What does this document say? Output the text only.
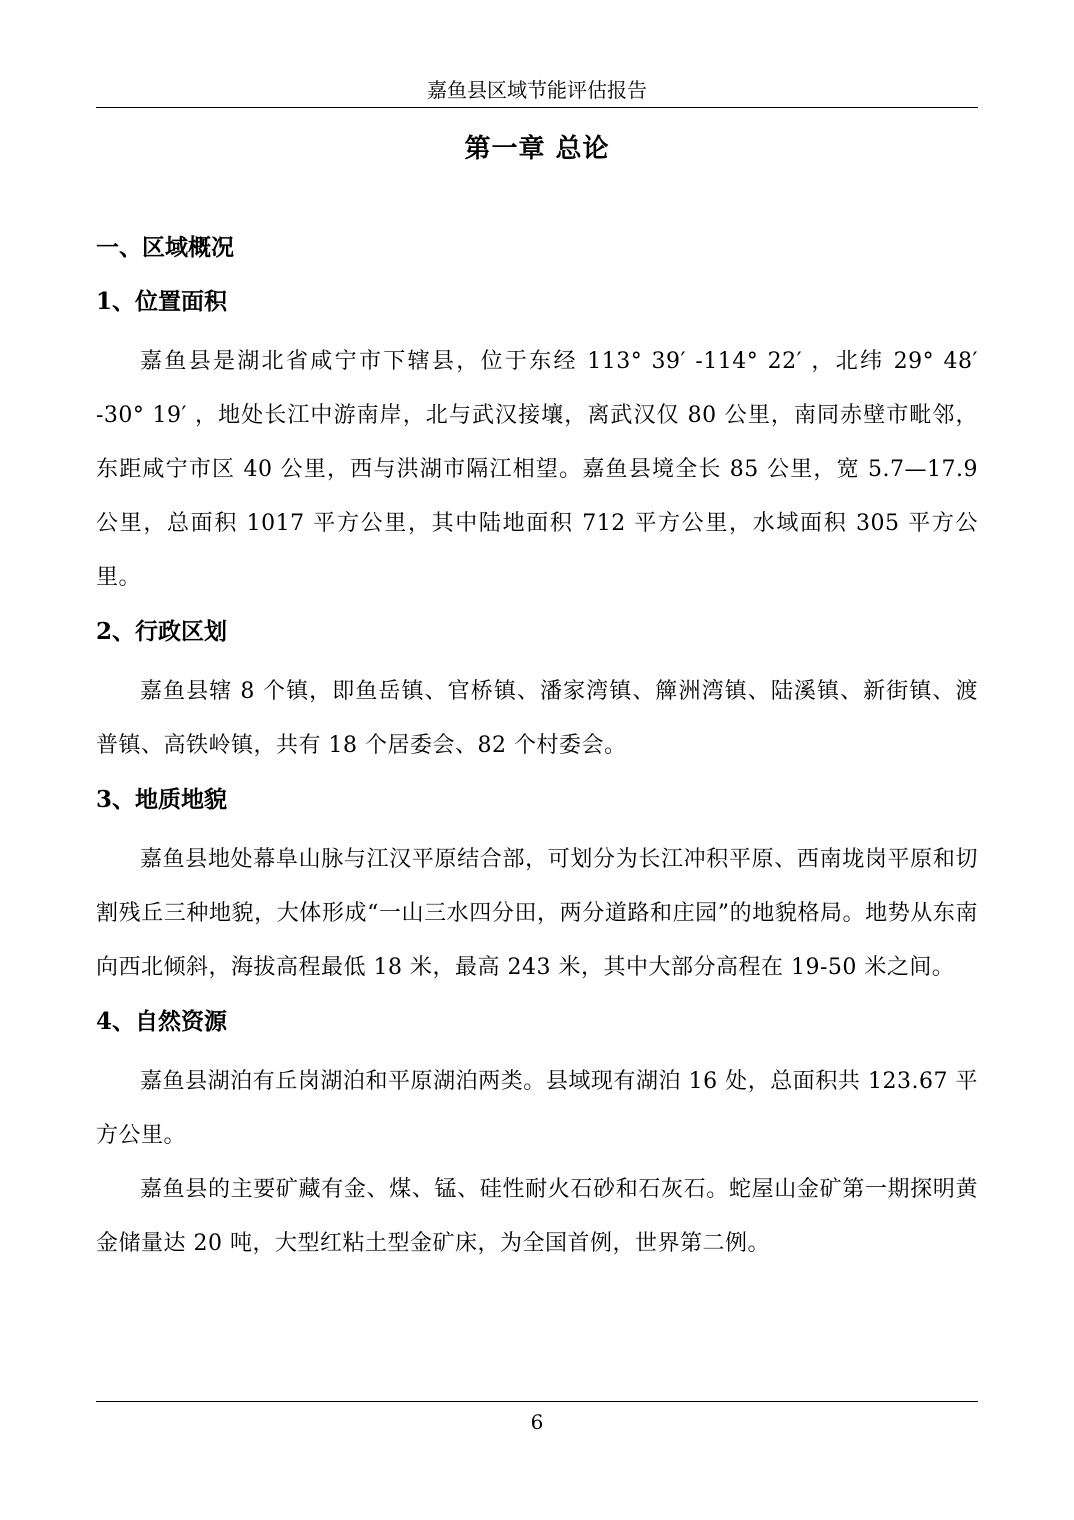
嘉鱼县区域节能评估报告
第一章 总论
一、区域概况
1、位置面积

嘉鱼县是湖北省咸宁市下辖县，位于东经 113° 39′ -114° 22′ ，北纬 29° 48′ -30° 19′ ，地处长江中游南岸，北与武汉接壤，离武汉仅 80 公里，南同赤壁市毗邻，东距咸宁市区 40 公里，西与洪湖市隔江相望。嘉鱼县境全长 85 公里，宽 5.7—17.9 公里，总面积 1017 平方公里，其中陆地面积 712 平方公里，水域面积 305 平方公里。

2、行政区划

嘉鱼县辖 8 个镇，即鱼岳镇、官桥镇、潘家湾镇、簰洲湾镇、陆溪镇、新街镇、渡普镇、高铁岭镇，共有 18 个居委会、82 个村委会。

3、地质地貌

嘉鱼县地处幕阜山脉与江汉平原结合部，可划分为长江冲积平原、西南垅岗平原和切割残丘三种地貌，大体形成“一山三水四分田，两分道路和庄园”的地貌格局。地势从东南向西北倾斜，海拔高程最低 18 米，最高 243 米，其中大部分高程在 19-50 米之间。

4、自然资源

嘉鱼县湖泊有丘岗湖泊和平原湖泊两类。县域现有湖泊 16 处，总面积共 123.67 平方公里。

嘉鱼县的主要矿藏有金、煤、锰、硅性耐火石砂和石灰石。蛇屋山金矿第一期探明黄金储量达 20 吨，大型红粘土型金矿床，为全国首例，世界第二例。

6
